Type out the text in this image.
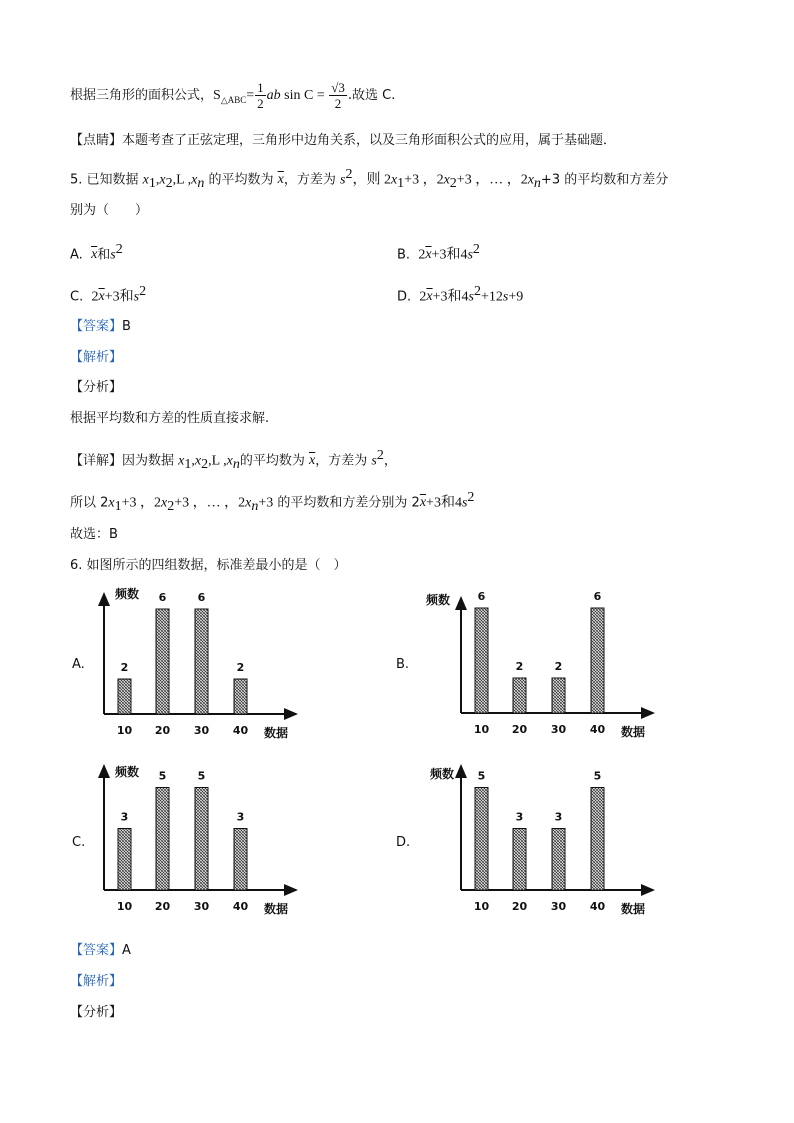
根据三角形的面积公式，$S_{\triangle ABC}= \frac{1}{2}$ ab $\sin C = \frac{√3}{2}$ .故选 C.
【点睛】本题考查了正弦定理，三角形中边角关系，以及三角形面积公式的应用，属于基础题．
5. 已知数据 $x_1,x_2,L$ $,x_n$ 的平均数为 $\overline{x}$，方差为 $s^2$，则 $2x_1+3$ ，$2x_2+3$ ，… ，$2x_n+3$ 的平均数和方差分
别为（　　）
A. $\overline{x}$和$s^2$	B. $2\overline{x}+3$和$4s^2$
C. $2\overline{x}+3$和$s^2$	D. $2\overline{x}+3$和$4s^2+12s+9$
【答案】B
【解析】
【分析】
根据平均数和方差的性质直接求解.
【详解】因为数据 $x_1,x_2,L$ $,x_n$的平均数为 $\overline{x}$，方差为 $s^2$，
所以 $2x_1+3$ ，$2x_2+3$ ，… ，$2x_n+3$ 的平均数和方差分别为 $2\overline{x}+3$和$4s^2$
故选：B
6. 如图所示的四组数据，标准差最小的是（　）
A.
频数
数据
2
10
6
20
6
30
2
40
B.
频数
数据
6
10
2
20
2
30
6
40
C.
频数
数据
3
10
5
20
5
30
3
40
D.
频数
数据
5
10
3
20
3
30
5
40
【答案】A
【解析】
【分析】
